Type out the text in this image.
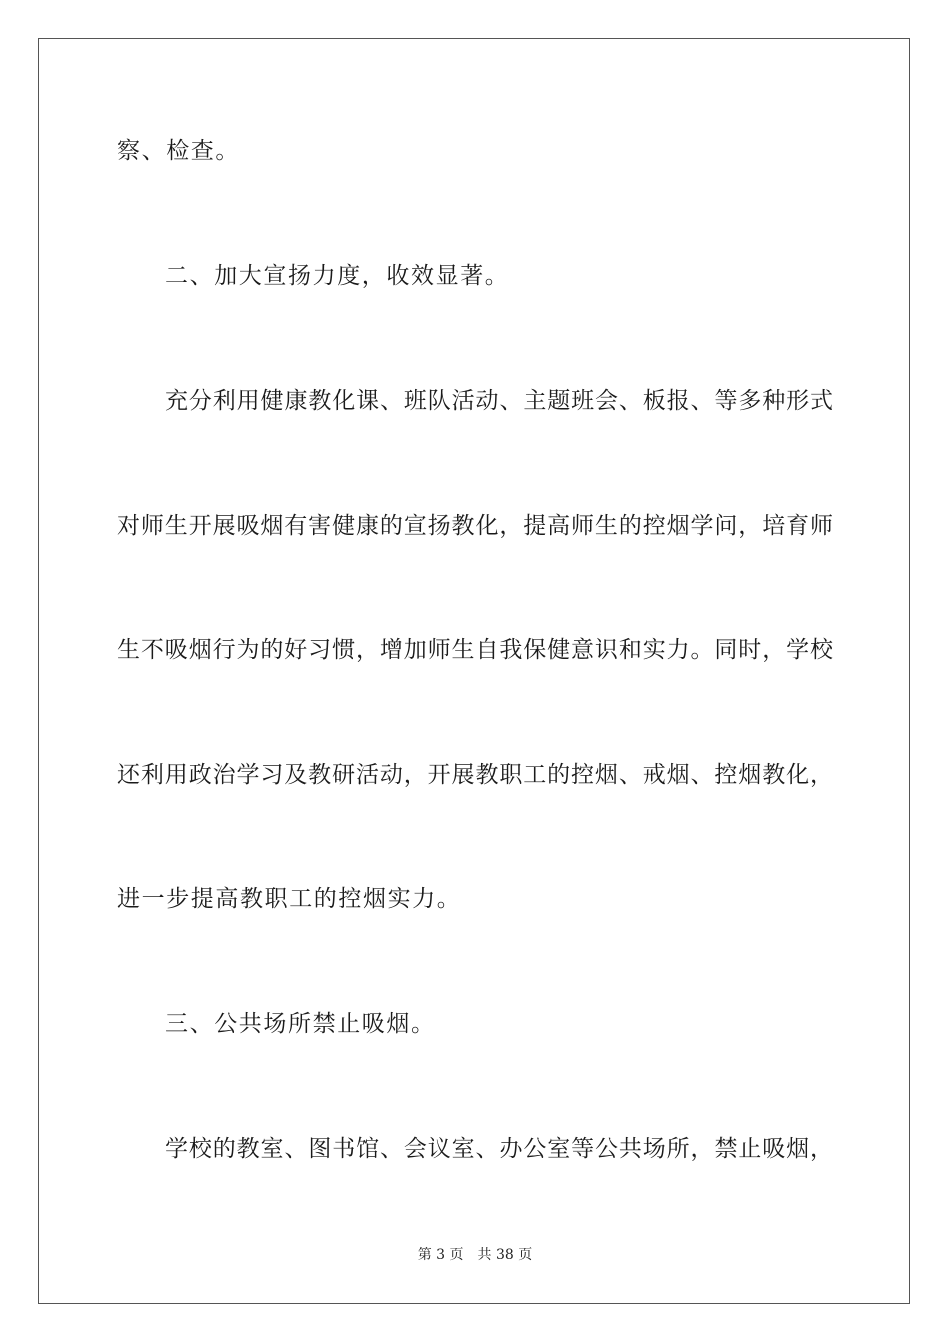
察、检查。
二、加大宣扬力度，收效显著。
充分利用健康教化课、班队活动、主题班会、板报、等多种形式
对师生开展吸烟有害健康的宣扬教化，提高师生的控烟学问，培育师
生不吸烟行为的好习惯，增加师生自我保健意识和实力。同时，学校
还利用政治学习及教研活动，开展教职工的控烟、戒烟、控烟教化，
进一步提高教职工的控烟实力。
三、公共场所禁止吸烟。
学校的教室、图书馆、会议室、办公室等公共场所，禁止吸烟，
第 3 页 共 38 页
